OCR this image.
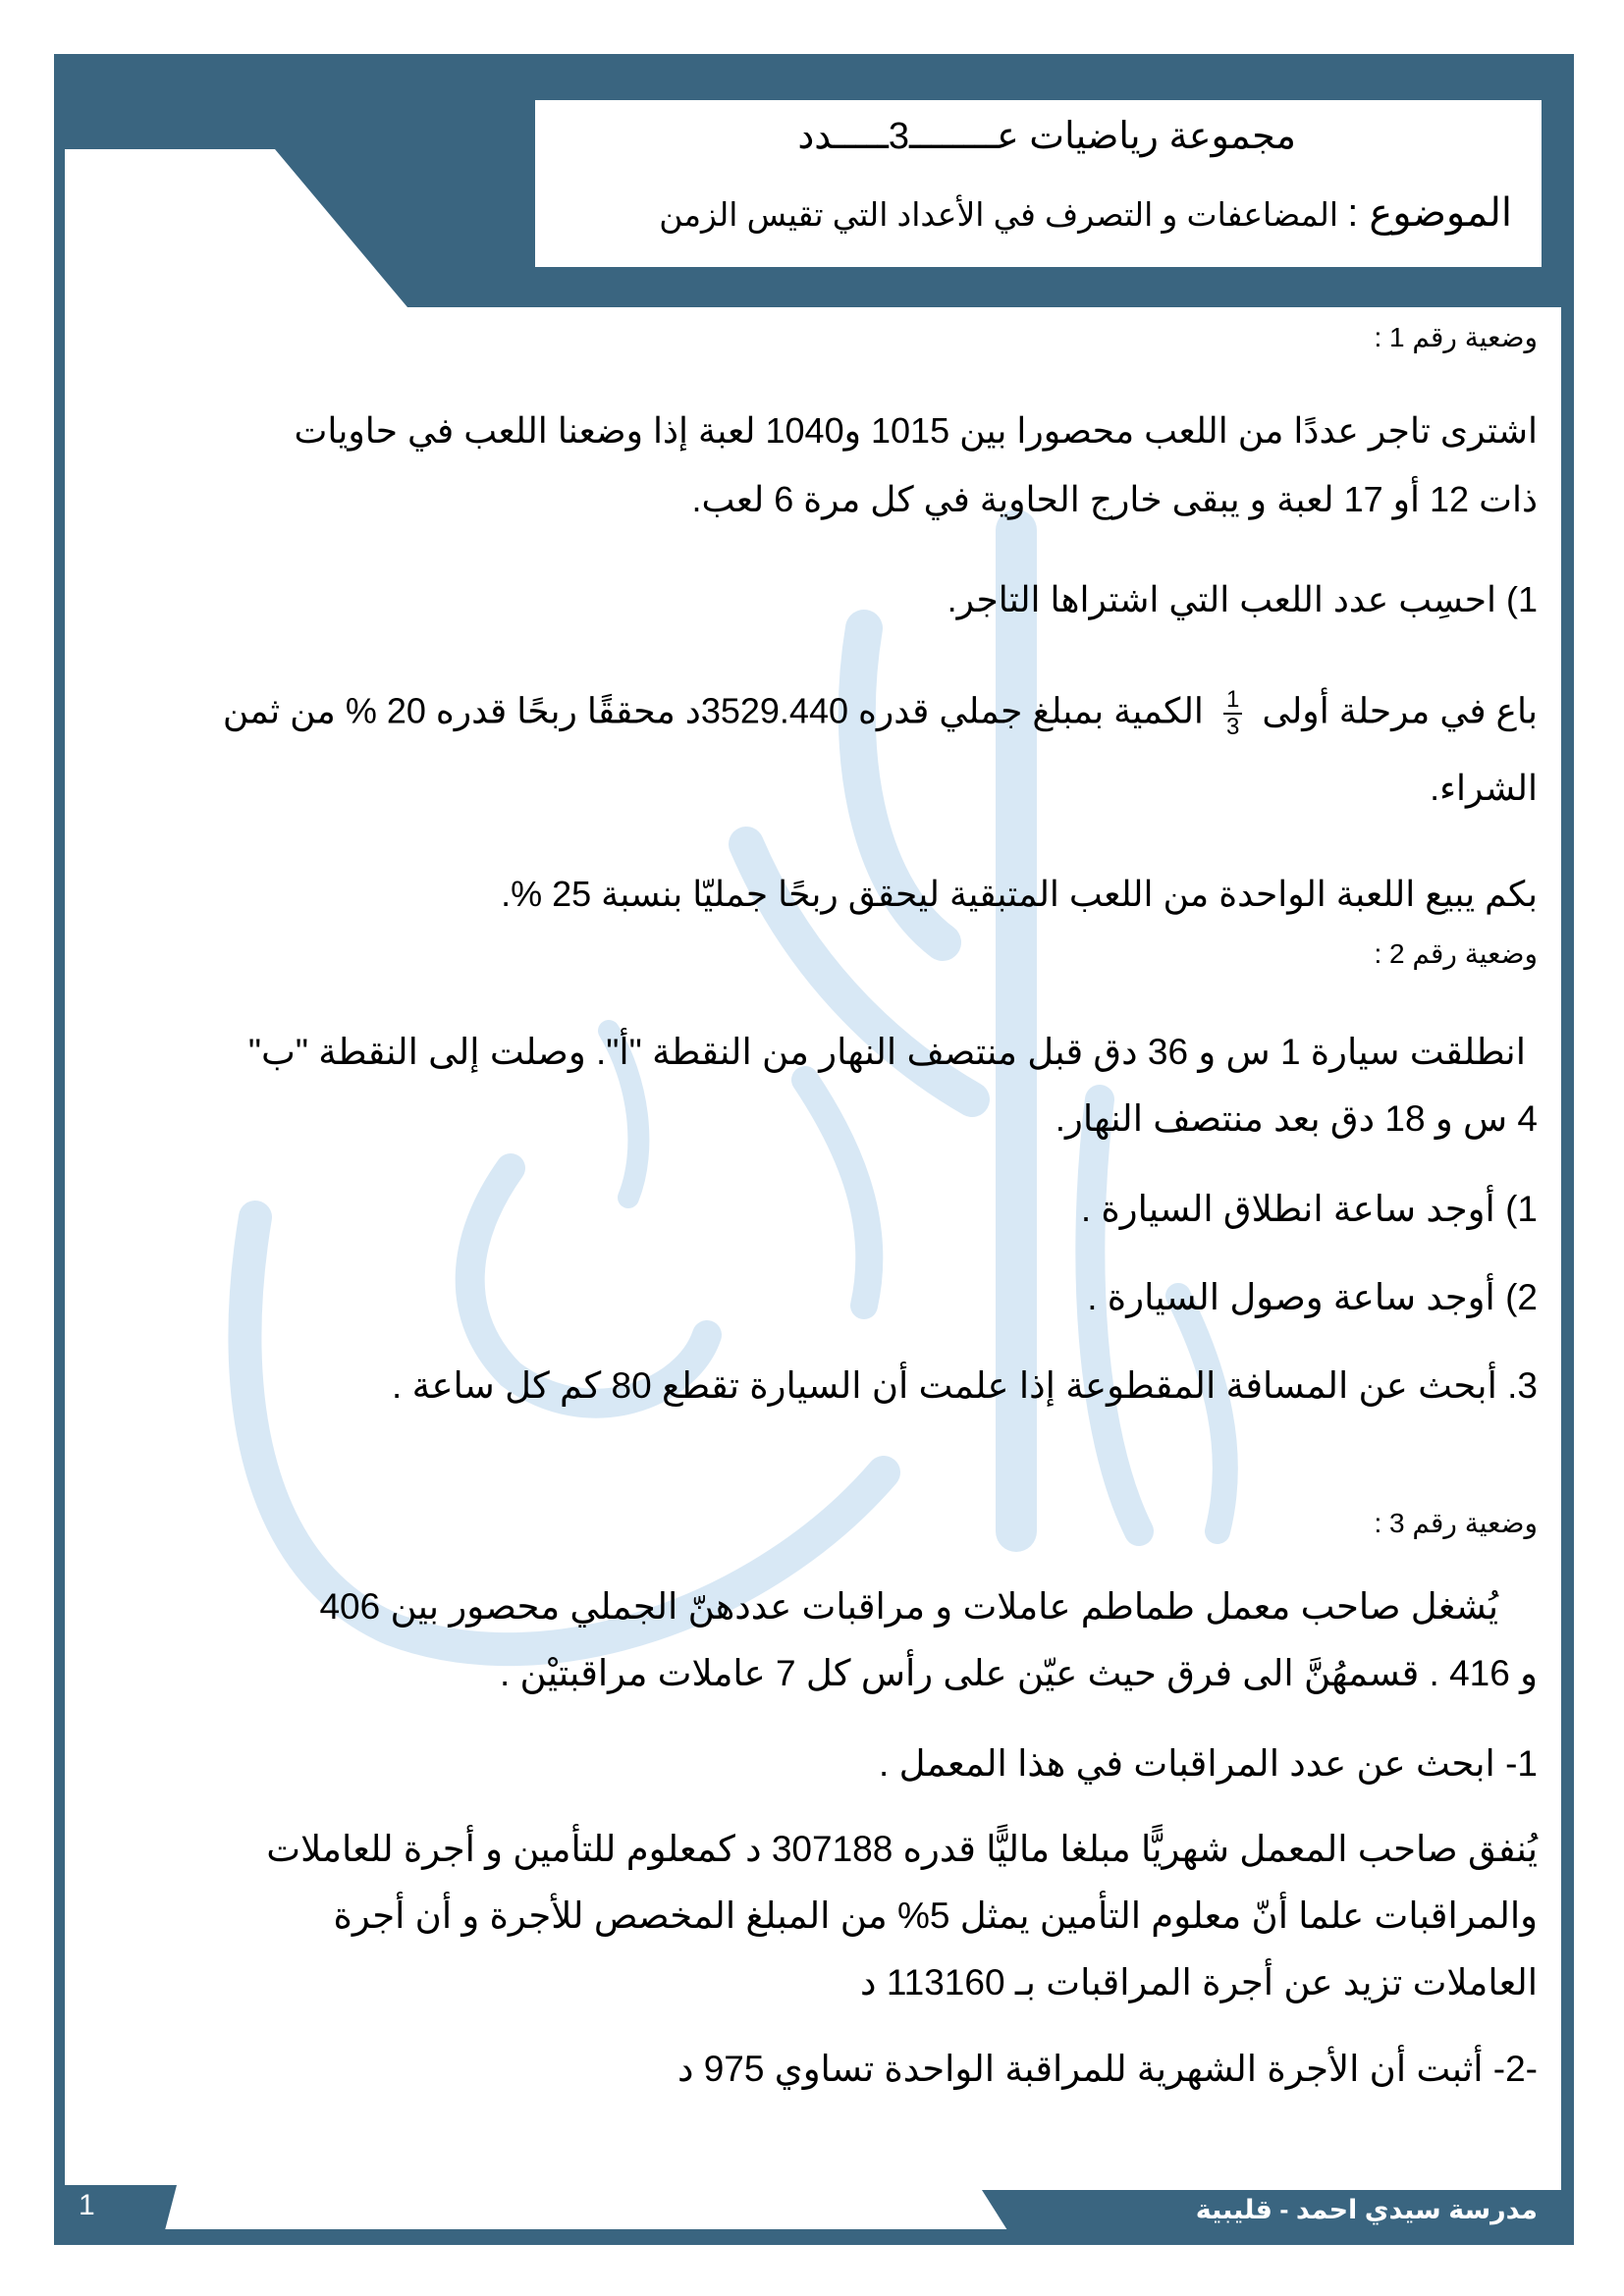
مجموعة رياضيات عــــــــ3ـــــدد
الموضوع : المضاعفات و التصرف في الأعداد التي تقيس الزمن
وضعية رقم 1 :
اشترى تاجر عددًا من اللعب محصورا بين 1015 و1040 لعبة إذا وضعنا اللعب في حاويات
ذات 12 أو 17 لعبة و يبقى خارج الحاوية في كل مرة 6 لعب.
1) احسِب عدد اللعب التي اشتراها التاجر.
باع في مرحلة أولى
$\frac{1}{3}$
الكمية بمبلغ جملي قدره 3529.440د محققًا ربحًا قدره 20 % من ثمن
الشراء.
بكم يبيع اللعبة الواحدة من اللعب المتبقية ليحقق ربحًا جمليّا بنسبة 25 %.
وضعية رقم 2 :
انطلقت سيارة 1 س و 36 دق قبل منتصف النهار من النقطة "أ". وصلت إلى النقطة "ب"
4 س و 18 دق بعد منتصف النهار.
1) أوجد ساعة انطلاق السيارة .
2) أوجد ساعة وصول السيارة .
3. أبحث عن المسافة المقطوعة إذا علمت أن السيارة تقطع 80 كم كل ساعة .
وضعية رقم 3 :
يُشغل صاحب معمل طماطم عاملات و مراقبات عددهنّ الجملي محصور بين 406
و 416 . قسمهُنَّ الى فرق حيث عيّن على رأس كل 7 عاملات مراقبتيْن .
1- ابحث عن عدد المراقبات في هذا المعمل .
يُنفق صاحب المعمل شهريًّا مبلغا ماليًّا قدره 307188 د كمعلوم للتأمين و أجرة للعاملات
والمراقبات علما أنّ معلوم التأمين يمثل 5% من المبلغ المخصص للأجرة و أن أجرة
العاملات تزيد عن أجرة المراقبات بـ 113160 د
-2- أثبت أن الأجرة الشهرية للمراقبة الواحدة تساوي 975 د
مدرسة سيدي احمد - قليبية
1
